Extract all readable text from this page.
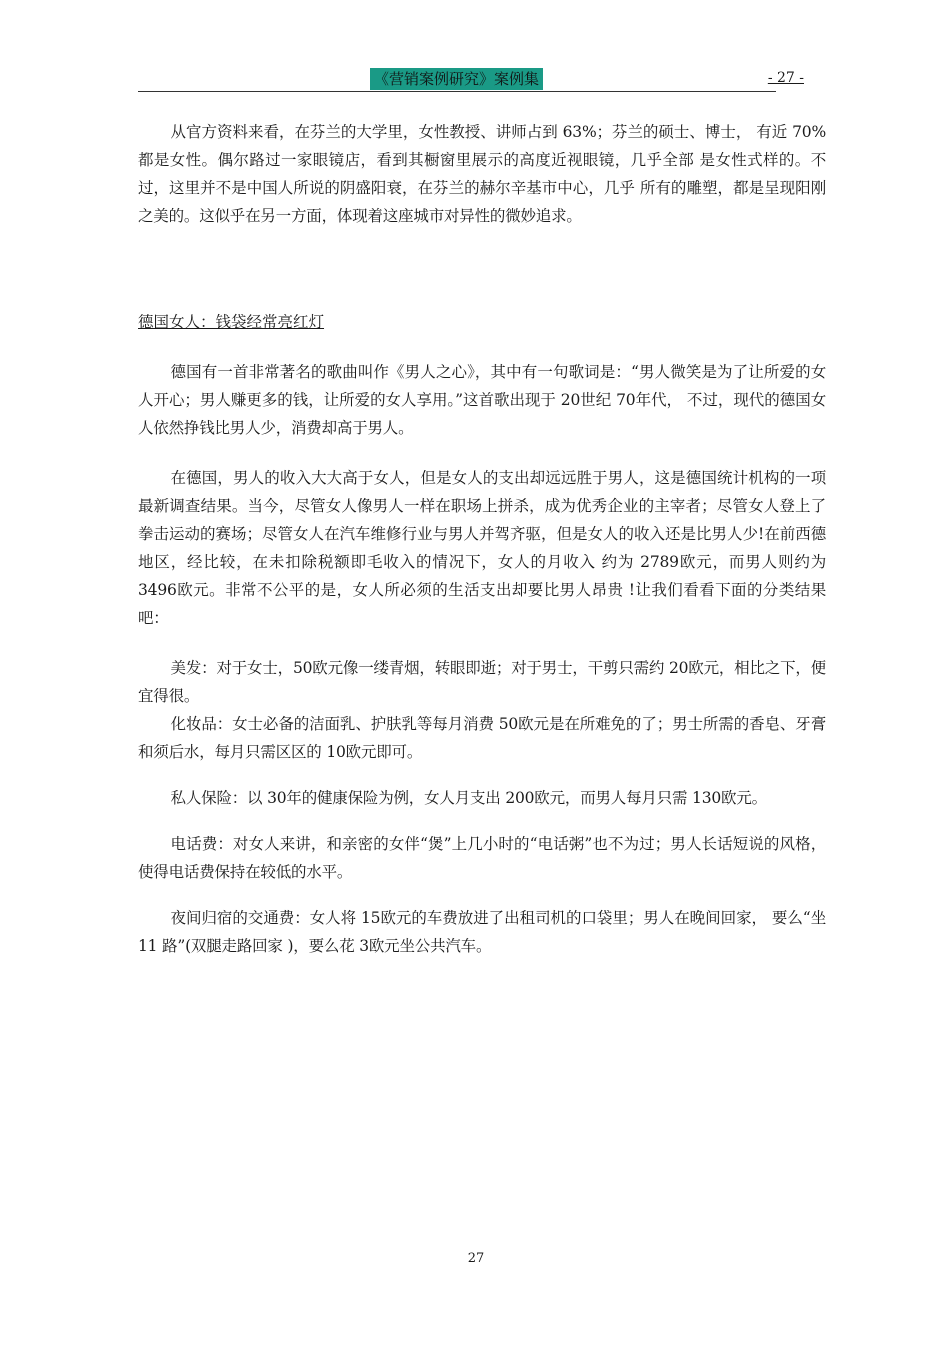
《营销案例研究》案例集	- 27 -

从官方资料来看，在芬兰的大学里，女性教授、讲师占到 63%；芬兰的硕士、博士， 有近 70%都是女性。偶尔路过一家眼镜店，看到其橱窗里展示的高度近视眼镜，几乎全部 是女性式样的。不过，这里并不是中国人所说的阴盛阳衰，在芬兰的赫尔辛基市中心，几乎 所有的雕塑，都是呈现阳刚之美的。这似乎在另一方面，体现着这座城市对异性的微妙追求。

德国女人：钱袋经常亮红灯

德国有一首非常著名的歌曲叫作《男人之心》，其中有一句歌词是：“男人微笑是为了让所爱的女人开心；男人赚更多的钱，让所爱的女人享用。”这首歌出现于 20世纪 70年代， 不过，现代的德国女人依然挣钱比男人少，消费却高于男人。

在德国，男人的收入大大高于女人，但是女人的支出却远远胜于男人，这是德国统计机构的一项最新调查结果。当今，尽管女人像男人一样在职场上拼杀，成为优秀企业的主宰者；尽管女人登上了拳击运动的赛场；尽管女人在汽车维修行业与男人并驾齐驱，但是女人的收入还是比男人少!在前西德地区，经比较，在未扣除税额即毛收入的情况下，女人的月收入 约为 2789欧元，而男人则约为 3496欧元。非常不公平的是，女人所必须的生活支出却要比男人昂贵 !让我们看看下面的分类结果吧：

美发：对于女士，50欧元像一缕青烟，转眼即逝；对于男士，干剪只需约 20欧元，相比之下，便宜得很。

化妆品：女士必备的洁面乳、护肤乳等每月消费 50欧元是在所难免的了；男士所需的香皂、牙膏和须后水，每月只需区区的 10欧元即可。

私人保险：以 30年的健康保险为例，女人月支出 200欧元，而男人每月只需 130欧元。

电话费：对女人来讲，和亲密的女伴“煲”上几小时的“电话粥”也不为过；男人长话短说的风格，使得电话费保持在较低的水平。

夜间归宿的交通费：女人将 15欧元的车费放进了出租司机的口袋里；男人在晚间回家， 要么“坐 11 路”(双腿走路回家 )，要么花 3欧元坐公共汽车。

27
